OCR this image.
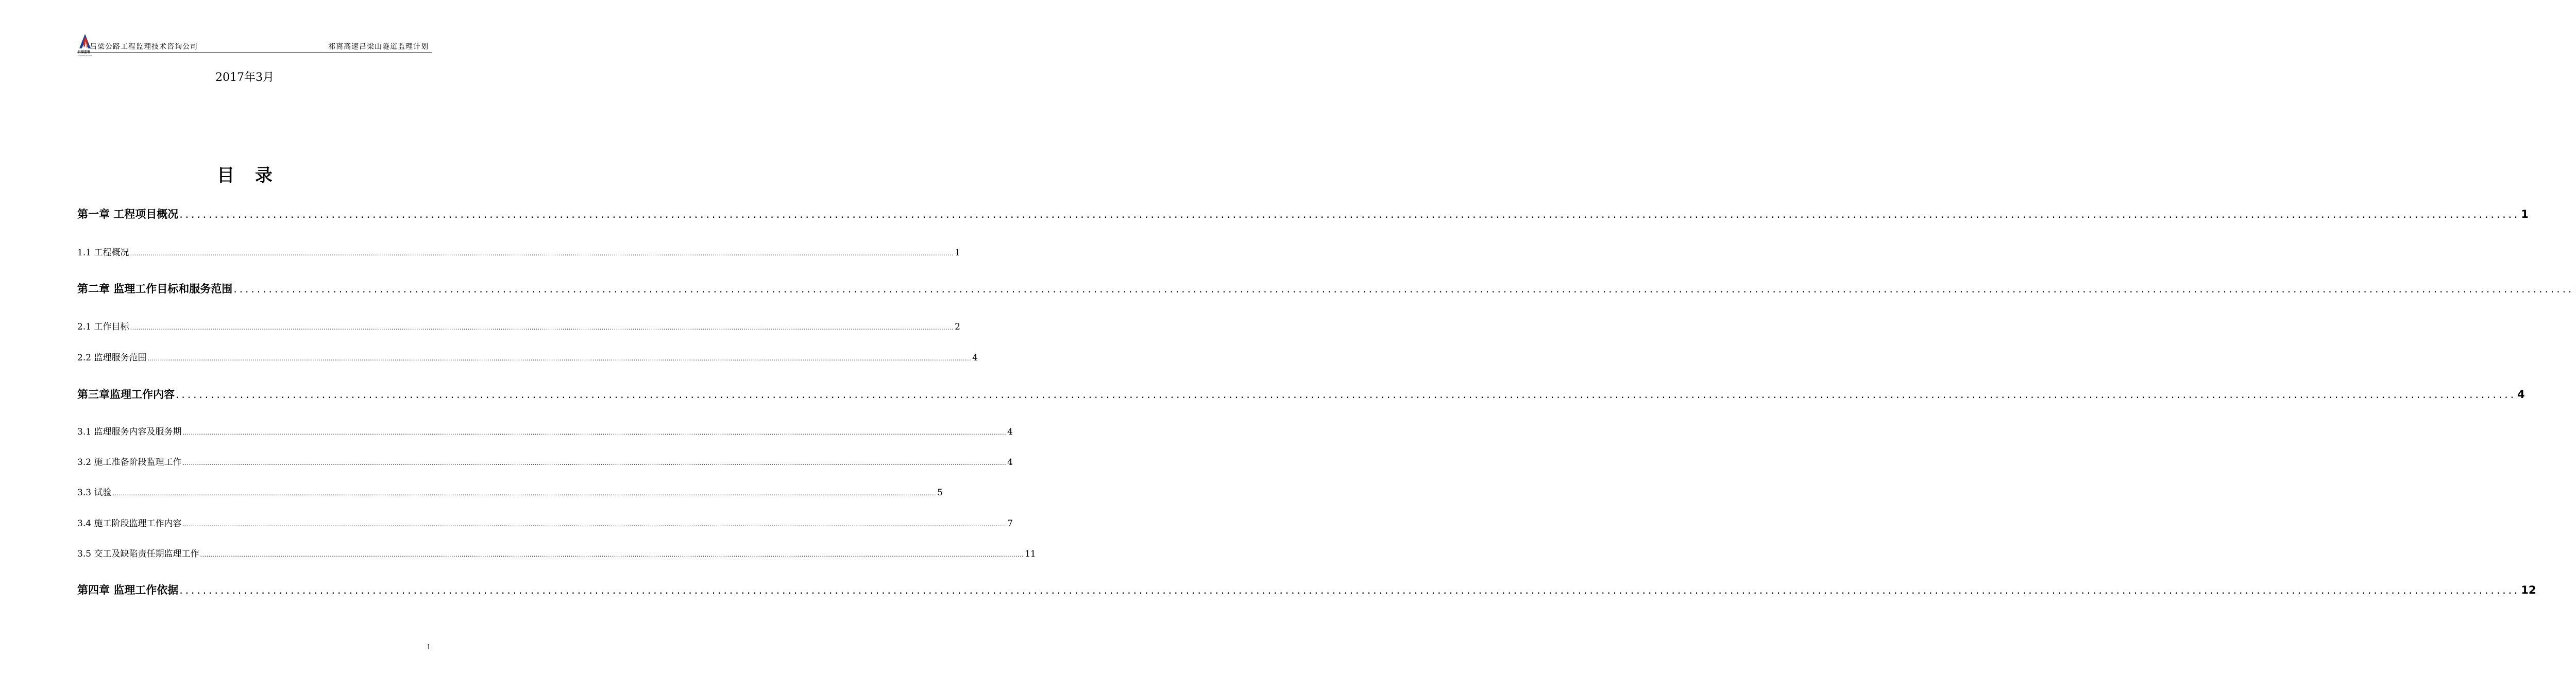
吕梁监理
LV LIANG JIAN LI
吕梁公路工程监理技术咨询公司	祁离高速吕梁山隧道监理计划
2017年3月
目 录
第一章 工程项目概况 ................................................................................................................................................................................................................................................................................................................................................................................................................ 1
1.1 工程概况 ................................................................................................................................................................................................................................................................................................................................................................................................................ 1
第二章 监理工作目标和服务范围 ................................................................................................................................................................................................................................................................................................................................................................................................................
2.1 工作目标 ................................................................................................................................................................................................................................................................................................................................................................................................................ 2
2.2 监理服务范围 ................................................................................................................................................................................................................................................................................................................................................................................................................ 4
第三章监理工作内容 ................................................................................................................................................................................................................................................................................................................................................................................................................ 4
3.1 监理服务内容及服务期 ................................................................................................................................................................................................................................................................................................................................................................................................................ 4
3.2 施工准备阶段监理工作 ................................................................................................................................................................................................................................................................................................................................................................................................................ 4
3.3 试验 ................................................................................................................................................................................................................................................................................................................................................................................................................ 5
3.4 施工阶段监理工作内容 ................................................................................................................................................................................................................................................................................................................................................................................................................ 7
3.5 交工及缺陷责任期监理工作 ................................................................................................................................................................................................................................................................................................................................................................................................................ 11
第四章 监理工作依据 ................................................................................................................................................................................................................................................................................................................................................................................................................ 12
1
